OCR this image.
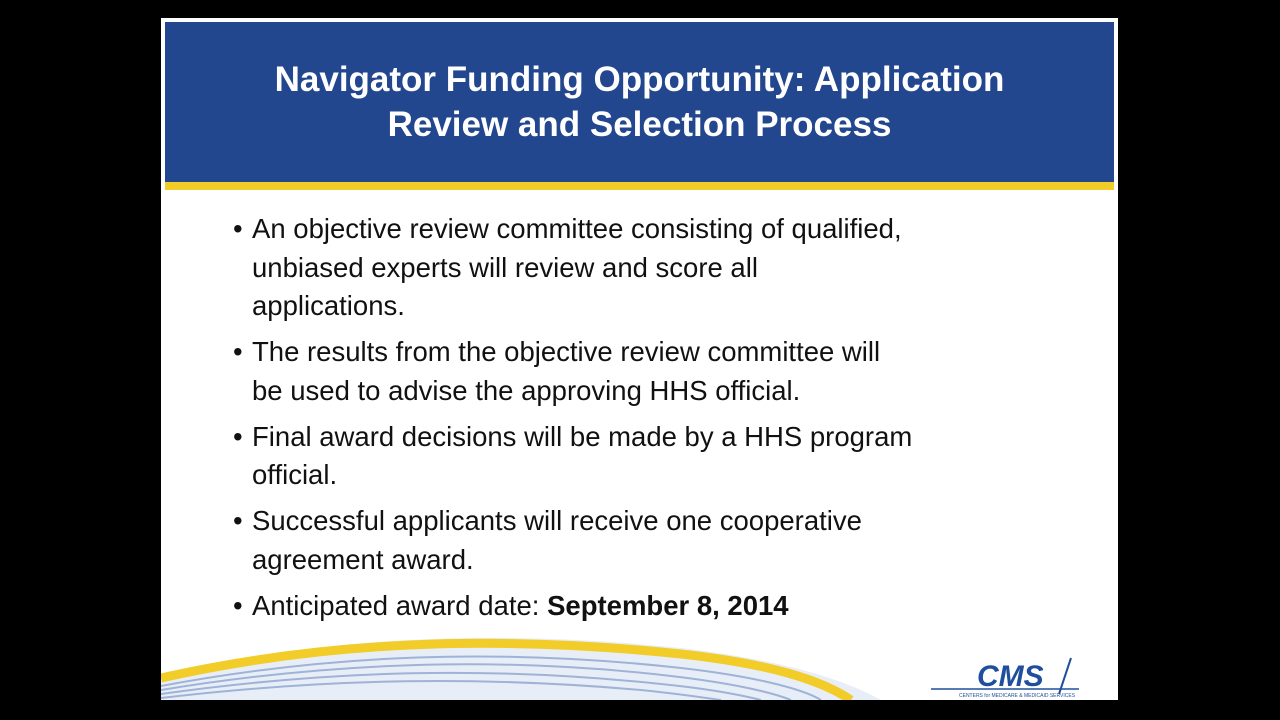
Navigator Funding Opportunity: Application
Review and Selection Process
• An objective review committee consisting of qualified,
unbiased experts will review and score all
applications.
• The results from the objective review committee will
be used to advise the approving HHS official.
• Final award decisions will be made by a HHS program
official.
• Successful applicants will receive one cooperative
agreement award.
• Anticipated award date: September 8, 2014
CMS
CENTERS for MEDICARE & MEDICAID SERVICES
